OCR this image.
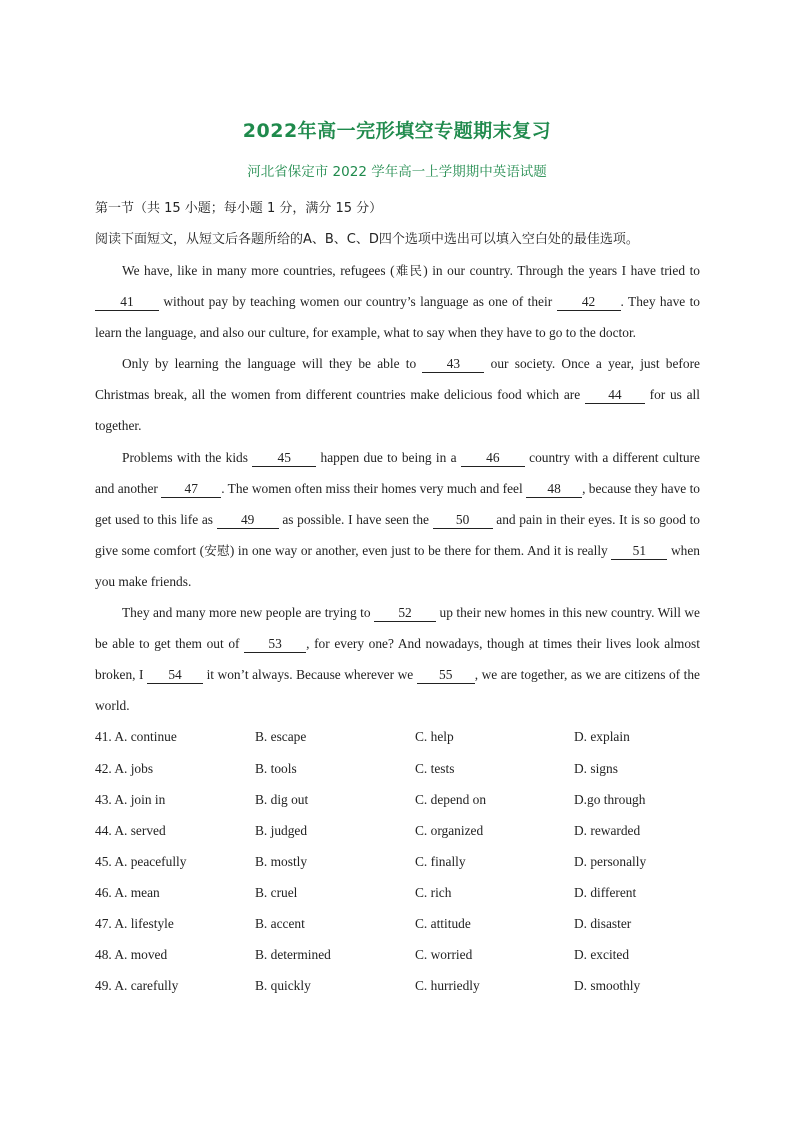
2022年高一完形填空专题期末复习
河北省保定市 2022 学年高一上学期期中英语试题
第一节（共 15 小题；每小题 1 分，满分 15 分）
阅读下面短文，从短文后各题所给的A、B、C、D四个选项中选出可以填入空白处的最佳选项。

We have, like in many more countries, refugees (难民) in our country. Through the years I have tried to 41 without pay by teaching women our country’s language as one of their 42 . They have to learn the language, and also our culture, for example, what to say when they have to go to the doctor.

Only by learning the language will they be able to 43 our society. Once a year, just before Christmas break, all the women from different countries make delicious food which are 44 for us all together.

Problems with the kids 45 happen due to being in a 46 country with a different culture and another 47 . The women often miss their homes very much and feel 48 , because they have to get used to this life as 49 as possible. I have seen the 50 and pain in their eyes. It is so good to give some comfort (安慰) in one way or another, even just to be there for them. And it is really 51 when you make friends.

They and many more new people are trying to 52 up their new homes in this new country. Will we be able to get them out of 53 , for every one? And nowadays, though at times their lives look almost broken, I 54 it won’t always. Because wherever we 55 , we are together, as we are citizens of the world.

41. A. continue	B. escape	C. help	D. explain
42. A. jobs	B. tools	C. tests	D. signs
43. A. join in	B. dig out	C. depend on	D.go through
44. A. served	B. judged	C. organized	D. rewarded
45. A. peacefully	B. mostly	C. finally	D. personally
46. A. mean	B. cruel	C. rich	D. different
47. A. lifestyle	B. accent	C. attitude	D. disaster
48. A. moved	B. determined	C. worried	D. excited
49. A. carefully	B. quickly	C. hurriedly	D. smoothly
